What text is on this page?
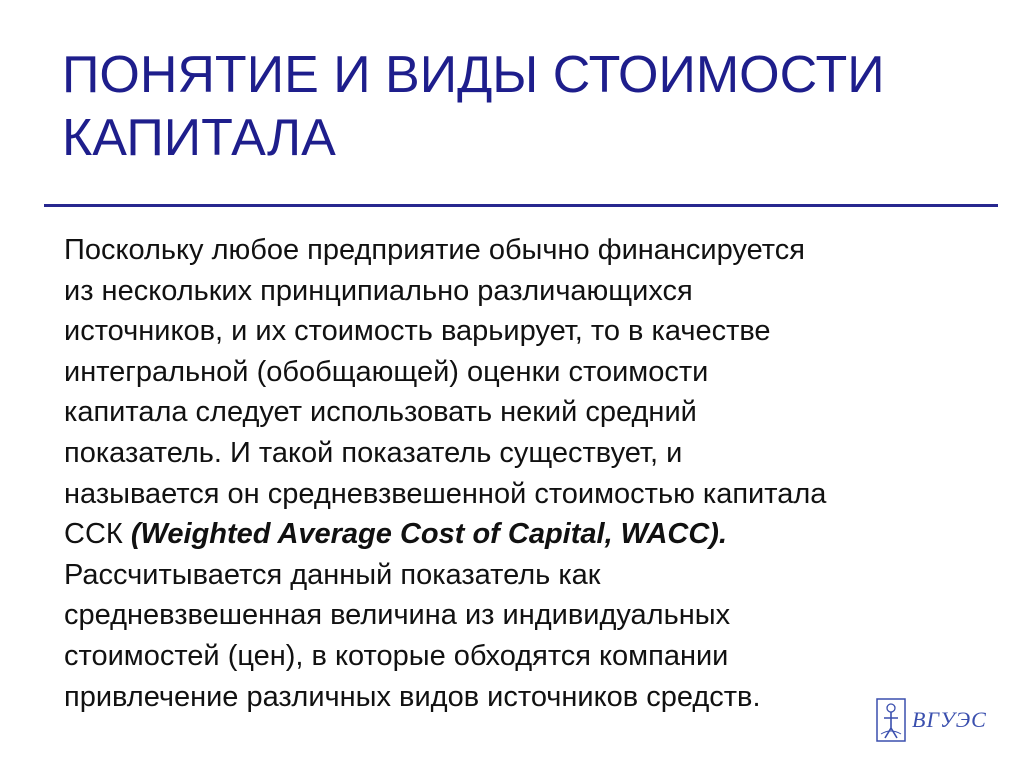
ПОНЯТИЕ И ВИДЫ СТОИМОСТИ
КАПИТАЛА
Поскольку любое предприятие обычно финансируется
из нескольких принципиально различающихся
источников, и их стоимость варьирует, то в качестве
интегральной (обобщающей) оценки стоимости
капитала следует использовать некий средний
показатель. И такой показатель существует, и
называется он средневзвешенной стоимостью капитала
ССК (Weighted Average Cost of Capital, WACC).
Рассчитывается данный показатель как
средневзвешенная величина из индивидуальных
стоимостей (цен), в которые обходятся компании
привлечение различных видов источников средств.
ВГУЭС
